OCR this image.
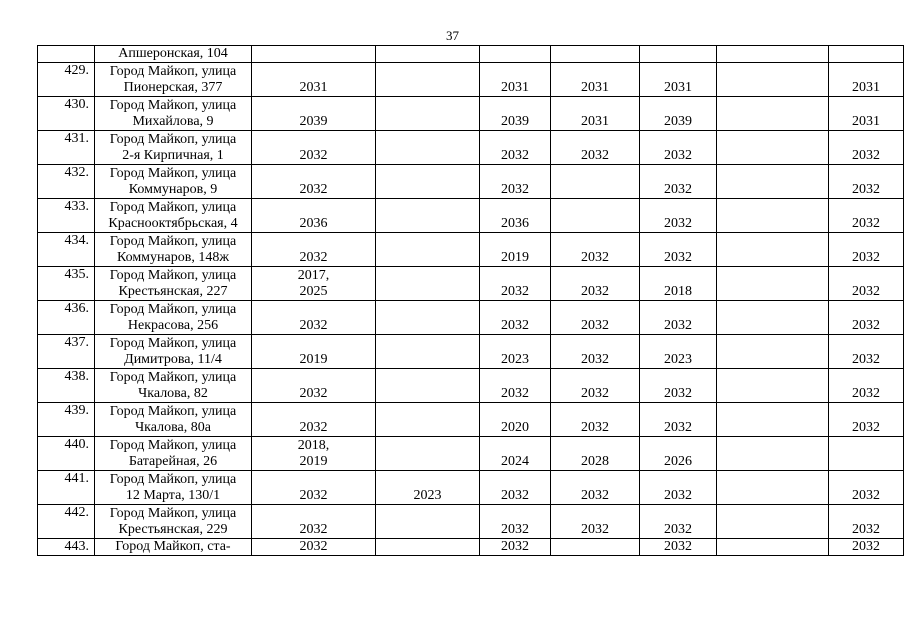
37

	Апшеронская, 104							

429.	Город Майкоп, улица
Пионерская, 377	2031		2031	2031	2031		2031

430.	Город Майкоп, улица
Михайлова, 9	2039		2039	2031	2039		2031

431.	Город Майкоп, улица
2-я Кирпичная, 1	2032		2032	2032	2032		2032

432.	Город Майкоп, улица
Коммунаров, 9	2032		2032		2032		2032

433.	Город Майкоп, улица
Краснооктябрьская, 4	2036		2036		2032		2032

434.	Город Майкоп, улица
Коммунаров, 148ж	2032		2019	2032	2032		2032

435.	Город Майкоп, улица
Крестьянская, 227	2017,
2025		2032	2032	2018		2032

436.	Город Майкоп, улица
Некрасова, 256	2032		2032	2032	2032		2032

437.	Город Майкоп, улица
Димитрова, 11/4	2019		2023	2032	2023		2032

438.	Город Майкоп, улица
Чкалова, 82	2032		2032	2032	2032		2032

439.	Город Майкоп, улица
Чкалова, 80а	2032		2020	2032	2032		2032

440.	Город Майкоп, улица
Батарейная, 26	2018,
2019		2024	2028	2026		

441.	Город Майкоп, улица
12 Марта, 130/1	2032	2023	2032	2032	2032		2032

442.	Город Майкоп, улица
Крестьянская, 229	2032		2032	2032	2032		2032

443.	Город Майкоп, ста-	2032		2032		2032		2032
